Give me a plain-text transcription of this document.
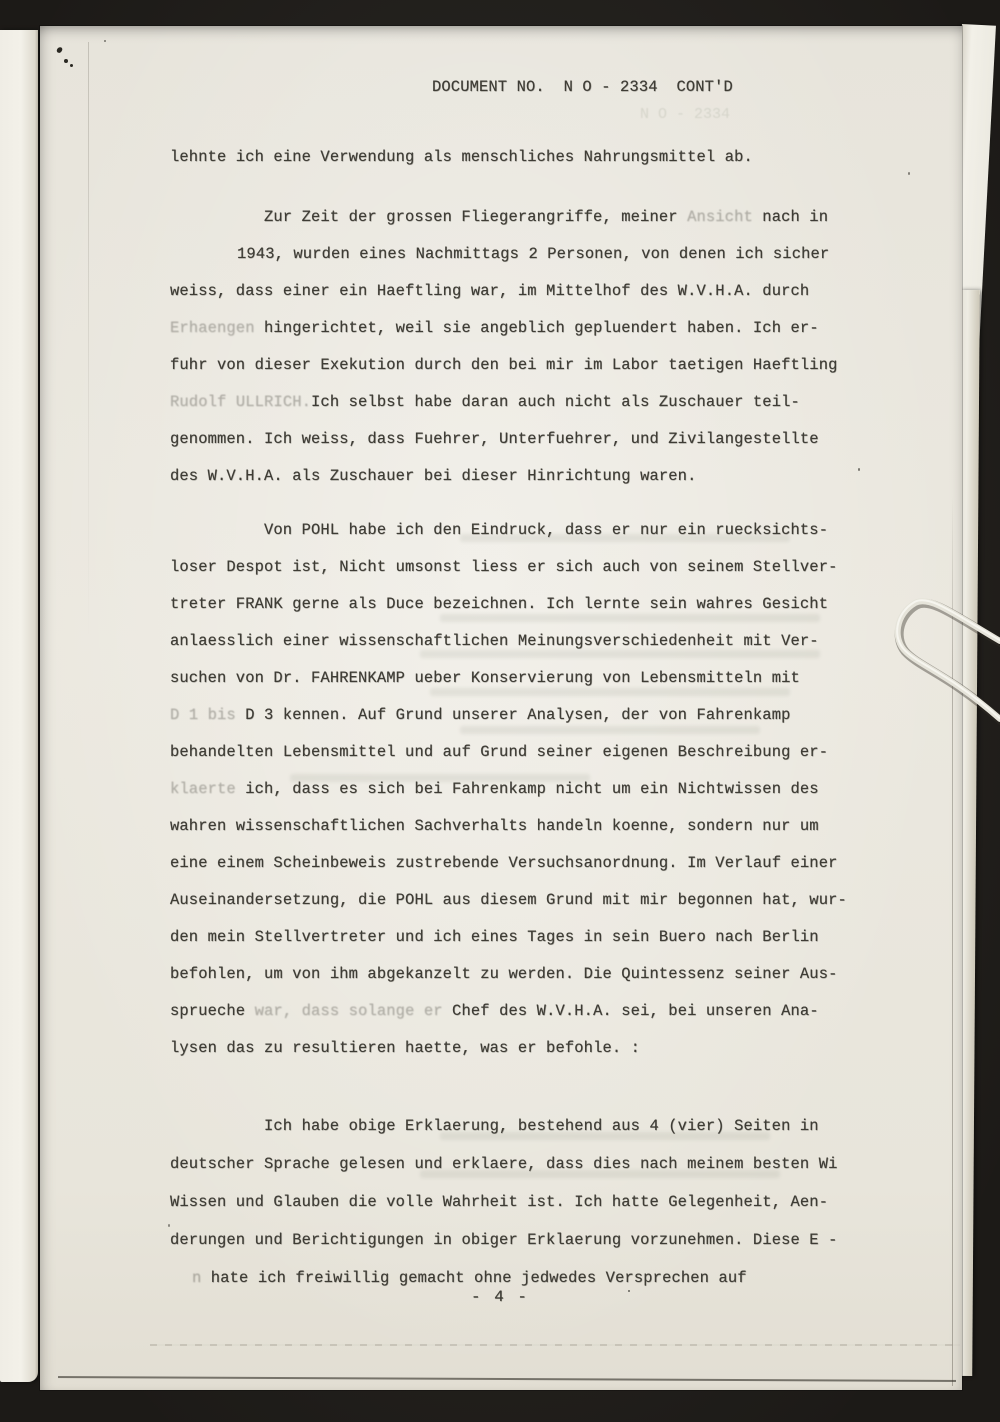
DOCUMENT NO.  N O - 2334  CONT'D
N O - 2334
lehnte ich eine Verwendung als menschliches Nahrungsmittel ab.
Zur Zeit der grossen Fliegerangriffe, meiner Ansicht nach in
1943, wurden eines Nachmittags 2 Personen, von denen ich sicher
weiss, dass einer ein Haeftling war, im Mittelhof des W.V.H.A. durch
Erhaengen hingerichtet, weil sie angeblich gepluendert haben. Ich er-
fuhr von dieser Exekution durch den bei mir im Labor taetigen Haeftling
Rudolf ULLRICH.Ich selbst habe daran auch nicht als Zuschauer teil-
genommen. Ich weiss, dass Fuehrer, Unterfuehrer, und Zivilangestellte
des W.V.H.A. als Zuschauer bei dieser Hinrichtung waren.
Von POHL habe ich den Eindruck, dass er nur ein ruecksichts-
loser Despot ist, Nicht umsonst liess er sich auch von seinem Stellver-
treter FRANK gerne als Duce bezeichnen. Ich lernte sein wahres Gesicht
anlaesslich einer wissenschaftlichen Meinungsverschiedenheit mit Ver-
suchen von Dr. FAHRENKAMP ueber Konservierung von Lebensmitteln mit
D 1 bis D 3 kennen. Auf Grund unserer Analysen, der von Fahrenkamp
behandelten Lebensmittel und auf Grund seiner eigenen Beschreibung er-
klaerte ich, dass es sich bei Fahrenkamp nicht um ein Nichtwissen des
wahren wissenschaftlichen Sachverhalts handeln koenne, sondern nur um
eine einem Scheinbeweis zustrebende Versuchsanordnung. Im Verlauf einer
Auseinandersetzung, die POHL aus diesem Grund mit mir begonnen hat, wur-
den mein Stellvertreter und ich eines Tages in sein Buero nach Berlin
befohlen, um von ihm abgekanzelt zu werden. Die Quintessenz seiner Aus-
sprueche war, dass solange er Chef des W.V.H.A. sei, bei unseren Ana-
lysen das zu resultieren haette, was er befohle. :
Ich habe obige Erklaerung, bestehend aus 4 (vier) Seiten in
deutscher Sprache gelesen und erklaere, dass dies nach meinem besten Wi
Wissen und Glauben die volle Wahrheit ist. Ich hatte Gelegenheit, Aen-
derungen und Berichtigungen in obiger Erklaerung vorzunehmen. Diese E -
n hate ich freiwillig gemacht ohne jedwedes Versprechen auf
- 4 -
